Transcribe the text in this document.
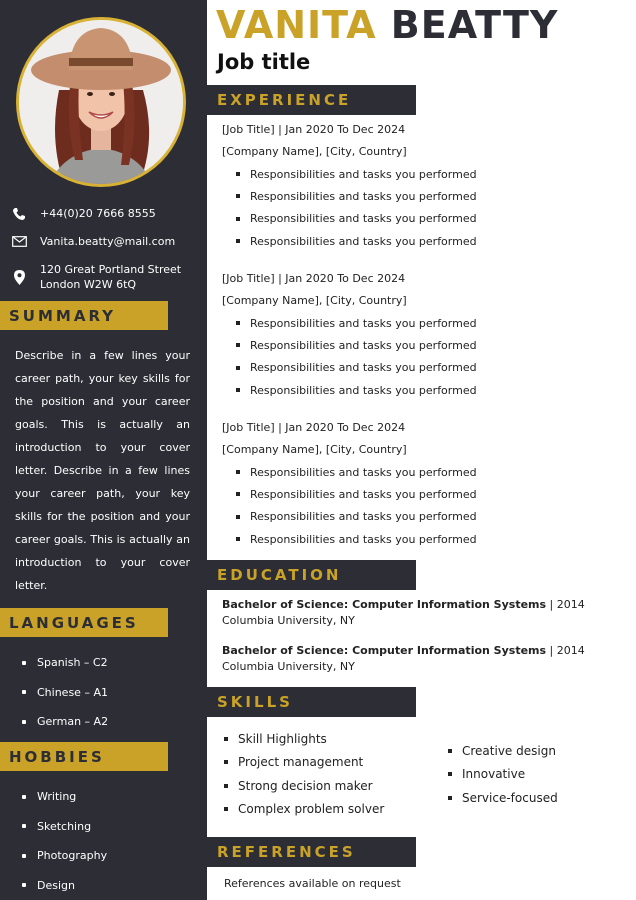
+44(0)20 7666 8555
Vanita.beatty@mail.com
120 Great Portland Street
London W2W 6tQ
SUMMARY
Describe in a few lines your career path, your key skills for the position and your career goals. This is actually an introduction to your cover letter. Describe in a few lines your career path, your key skills for the position and your career goals. This is actually an introduction to your cover letter.
LANGUAGES
Spanish – C2
Chinese – A1
German – A2
HOBBIES
Writing
Sketching
Photography
Design
VANITA BEATTY
Job title
EXPERIENCE
[Job Title] | Jan 2020 To Dec 2024
[Company Name], [City, Country]
Responsibilities and tasks you performed
Responsibilities and tasks you performed
Responsibilities and tasks you performed
Responsibilities and tasks you performed
[Job Title] | Jan 2020 To Dec 2024
[Company Name], [City, Country]
Responsibilities and tasks you performed
Responsibilities and tasks you performed
Responsibilities and tasks you performed
Responsibilities and tasks you performed
[Job Title] | Jan 2020 To Dec 2024
[Company Name], [City, Country]
Responsibilities and tasks you performed
Responsibilities and tasks you performed
Responsibilities and tasks you performed
Responsibilities and tasks you performed
EDUCATION
Bachelor of Science: Computer Information Systems | 2014
Columbia University, NY
Bachelor of Science: Computer Information Systems | 2014
Columbia University, NY
SKILLS
Skill Highlights
Project management
Strong decision maker
Complex problem solver
Creative design
Innovative
Service-focused
REFERENCES
References available on request
